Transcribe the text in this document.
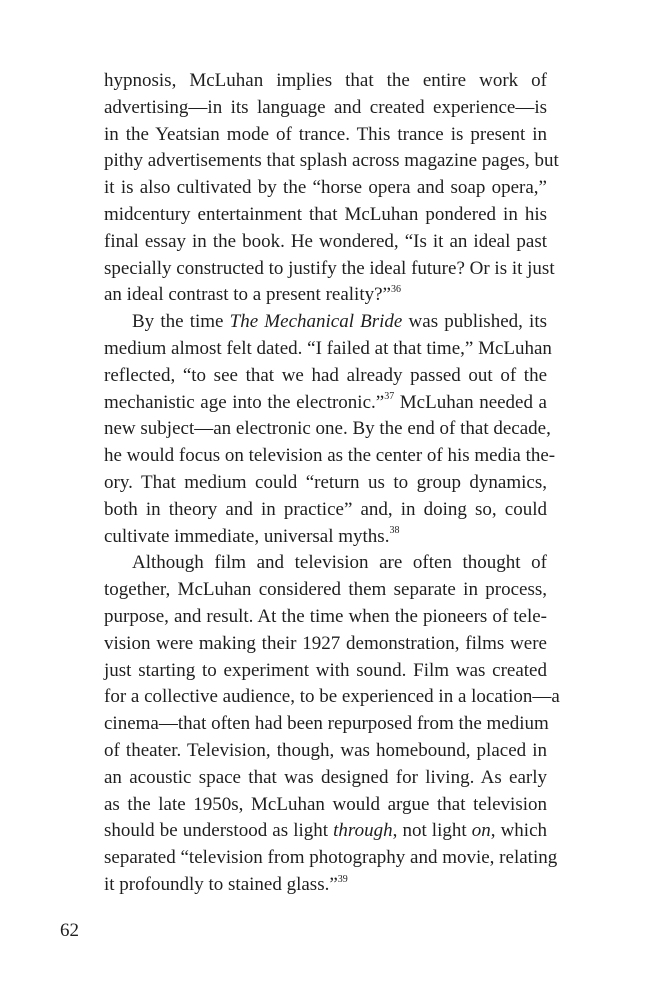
hypnosis, McLuhan implies that the entire work of
advertising—in its language and created experience—is
in the Yeatsian mode of trance. This trance is present in
pithy advertisements that splash across magazine pages, but
it is also cultivated by the “horse opera and soap opera,”
midcentury entertainment that McLuhan pondered in his
final essay in the book. He wondered, “Is it an ideal past
specially constructed to justify the ideal future? Or is it just
an ideal contrast to a present reality?”$^{36}$
By the time The Mechanical Bride was published, its
medium almost felt dated. “I failed at that time,” McLuhan
reflected, “to see that we had already passed out of the
mechanistic age into the electronic.”$^{37}$ McLuhan needed a
new subject—an electronic one. By the end of that decade,
he would focus on television as the center of his media the-
ory. That medium could “return us to group dynamics,
both in theory and in practice” and, in doing so, could
cultivate immediate, universal myths.$^{38}$
Although film and television are often thought of
together, McLuhan considered them separate in process,
purpose, and result. At the time when the pioneers of tele-
vision were making their 1927 demonstration, films were
just starting to experiment with sound. Film was created
for a collective audience, to be experienced in a location—a
cinema—that often had been repurposed from the medium
of theater. Television, though, was homebound, placed in
an acoustic space that was designed for living. As early
as the late 1950s, McLuhan would argue that television
should be understood as light through, not light on, which
separated “television from photography and movie, relating
it profoundly to stained glass.”$^{39}$
62
